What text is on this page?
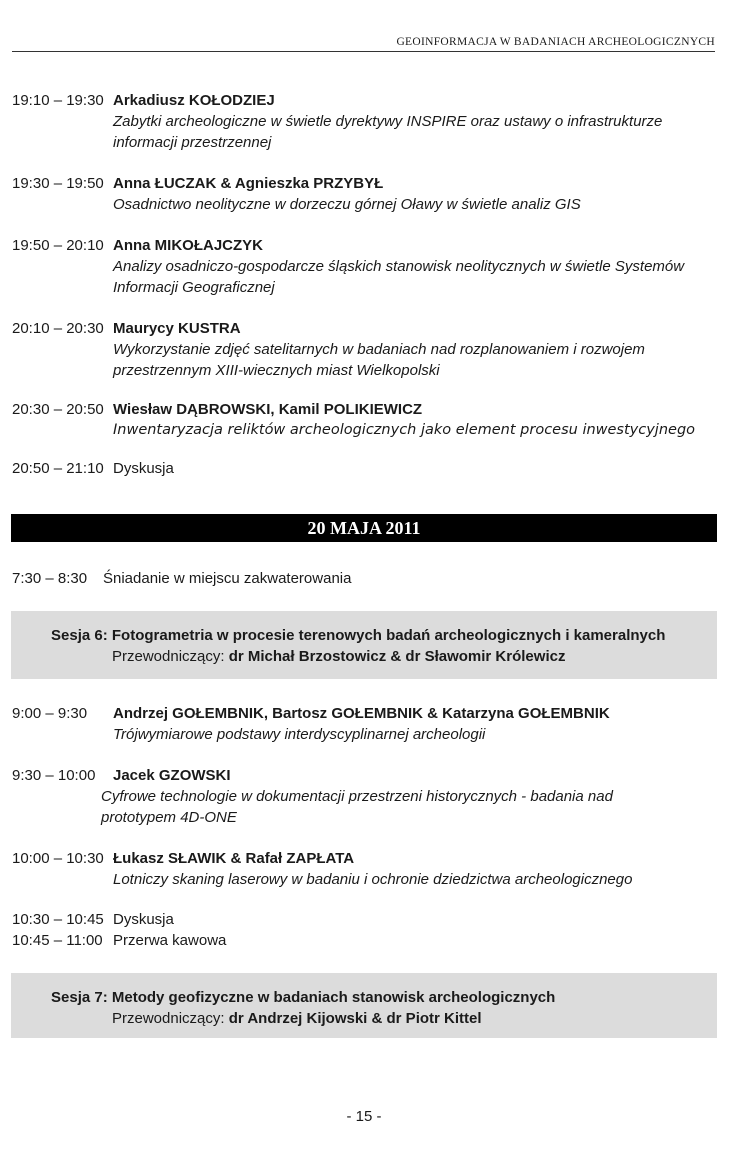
GEOINFORMACJA W BADANIACH ARCHEOLOGICZNYCH
19:10 – 19:30 Arkadiusz KOŁODZIEJ
Zabytki archeologiczne w świetle dyrektywy INSPIRE oraz ustawy o infrastrukturze
informacji przestrzennej
19:30 – 19:50 Anna ŁUCZAK & Agnieszka PRZYBYŁ
Osadnictwo neolityczne w dorzeczu górnej Oławy w świetle analiz GIS
19:50 – 20:10 Anna MIKOŁAJCZYK
Analizy osadniczo-gospodarcze śląskich stanowisk neolitycznych w świetle Systemów
Informacji Geograficznej
20:10 – 20:30 Maurycy KUSTRA
Wykorzystanie zdjęć satelitarnych w badaniach nad rozplanowaniem i rozwojem
przestrzennym XIII-wiecznych miast Wielkopolski
20:30 – 20:50 Wiesław DĄBROWSKI, Kamil POLIKIEWICZ
Inwentaryzacja reliktów archeologicznych jako element procesu inwestycyjnego
20:50 – 21:10 Dyskusja
20 MAJA 2011
7:30 – 8:30 Śniadanie w miejscu zakwaterowania
Sesja 6: Fotogrametria w procesie terenowych badań archeologicznych i kameralnych
Przewodniczący: dr Michał Brzostowicz & dr Sławomir Królewicz
9:00 – 9:30 Andrzej GOŁEMBNIK, Bartosz GOŁEMBNIK & Katarzyna GOŁEMBNIK
Trójwymiarowe podstawy interdyscyplinarnej archeologii
9:30 – 10:00 Jacek GZOWSKI
Cyfrowe technologie w dokumentacji przestrzeni historycznych - badania nad
prototypem 4D-ONE
10:00 – 10:30 Łukasz SŁAWIK & Rafał ZAPŁATA
Lotniczy skaning laserowy w badaniu i ochronie dziedzictwa archeologicznego
10:30 – 10:45 Dyskusja
10:45 – 11:00 Przerwa kawowa
Sesja 7: Metody geofizyczne w badaniach stanowisk archeologicznych
Przewodniczący: dr Andrzej Kijowski & dr Piotr Kittel
- 15 -
